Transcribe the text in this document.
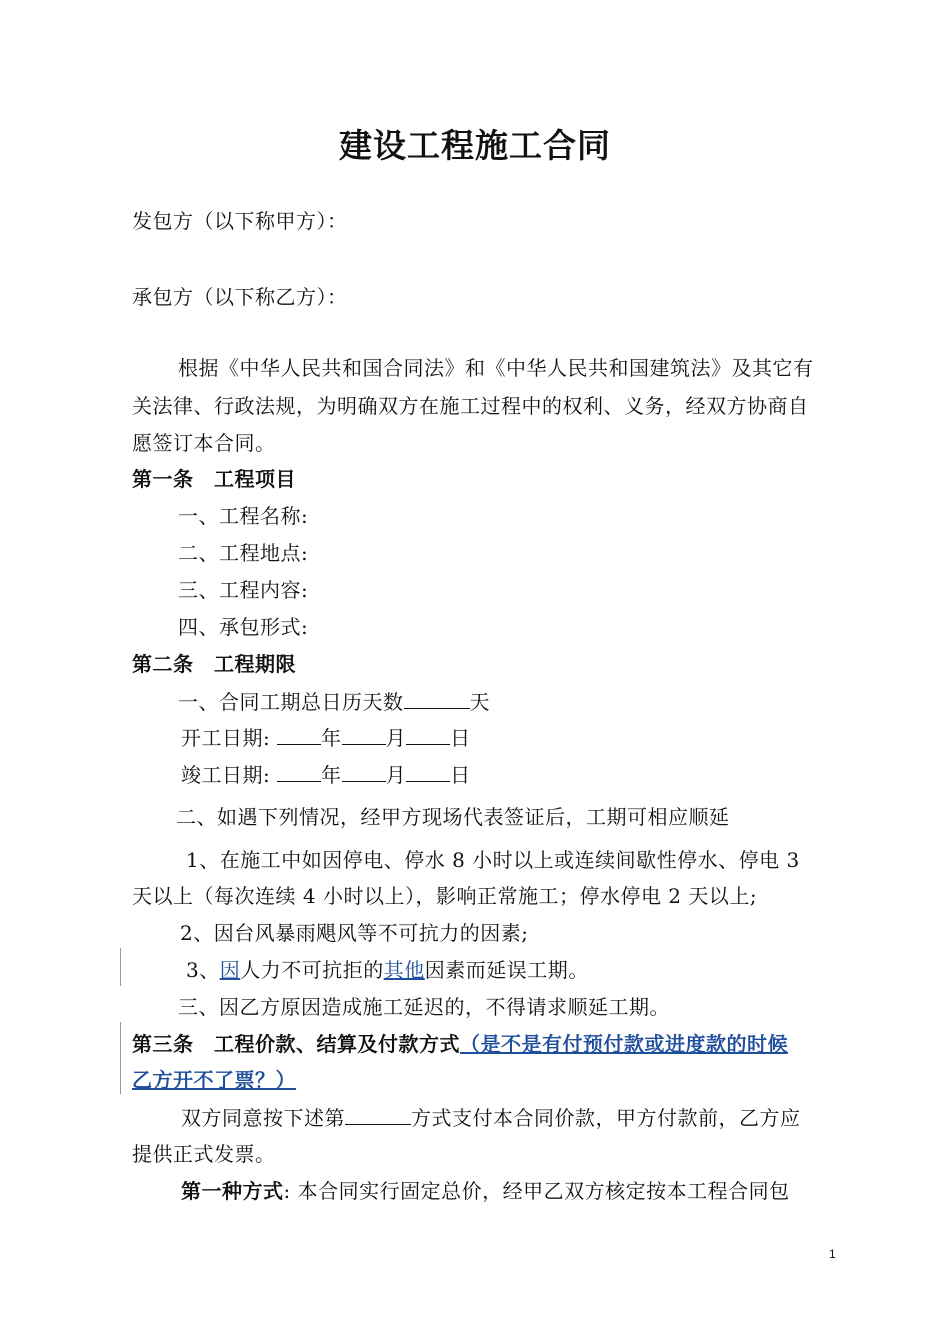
建设工程施工合同
发包方（以下称甲方）：
承包方（以下称乙方）：
根据《中华人民共和国合同法》和《中华人民共和国建筑法》及其它有
关法律、行政法规，为明确双方在施工过程中的权利、义务，经双方协商自
愿签订本合同。
第一条　工程项目
一、工程名称:
二、工程地点:
三、工程内容:
四、承包形式:
第二条　工程期限
一、合同工期总日历天数	天
开工日期:	年 月 日
竣工日期:	年 月 日
二、如遇下列情况，经甲方现场代表签证后，工期可相应顺延
1、在施工中如因停电、停水 8 小时以上或连续间歇性停水、停电 3
天以上（每次连续 4 小时以上），影响正常施工；停水停电 2 天以上;
2、因台风暴雨飓风等不可抗力的因素;
3、因人力不可抗拒的其他因素而延误工期。
三、因乙方原因造成施工延迟的，不得请求顺延工期。
第三条　工程价款、结算及付款方式（是不是有付预付款或进度款的时候
乙方开不了票？）
双方同意按下述第	方式支付本合同价款，甲方付款前，乙方应
提供正式发票。
第一种方式: 本合同实行固定总价，经甲乙双方核定按本工程合同包
1
